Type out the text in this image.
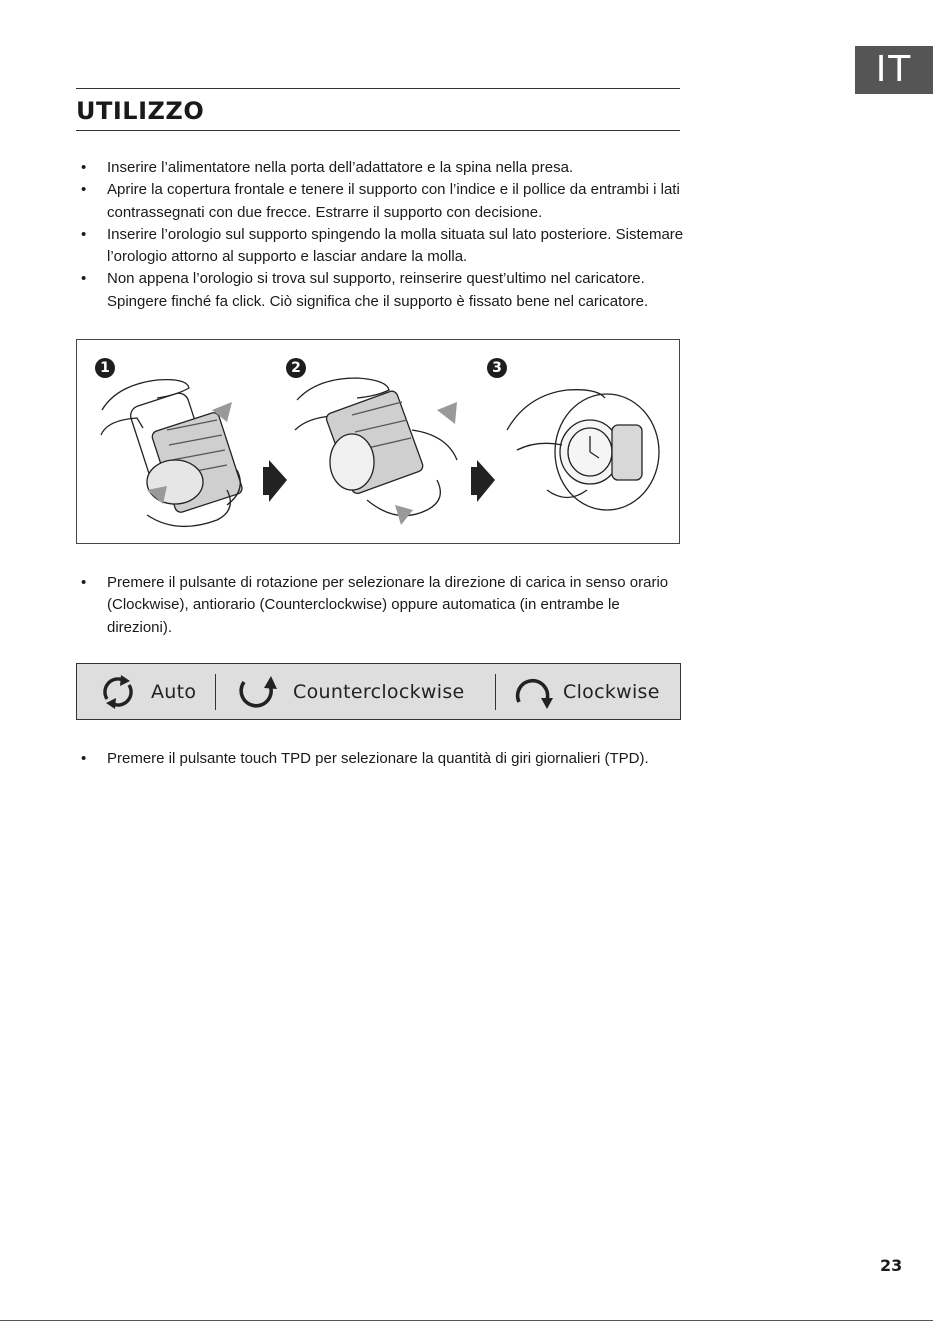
IT
UTILIZZO
• Inserire l’alimentatore nella porta dell’adattatore e la spina nella presa.
• Aprire la copertura frontale e tenere il supporto con l’indice e il pollice da entrambi i lati contrassegnati con due frecce. Estrarre il supporto con decisione.
• Inserire l’orologio sul supporto spingendo la molla situata sul lato posteriore. Sistemare l’orologio attorno al supporto e lasciar andare la molla.
• Non appena l’orologio si trova sul supporto, reinserire quest’ultimo nel caricatore. Spingere finché fa click. Ciò significa che il supporto è fissato bene nel caricatore.
1	2	3
• Premere il pulsante di rotazione per selezionare la direzione di carica in senso orario (Clockwise), antiorario (Counterclockwise) oppure automatica (in entrambe le direzioni).
Auto	Counterclockwise	Clockwise
• Premere il pulsante touch TPD per selezionare la quantità di giri giornalieri (TPD).
23
